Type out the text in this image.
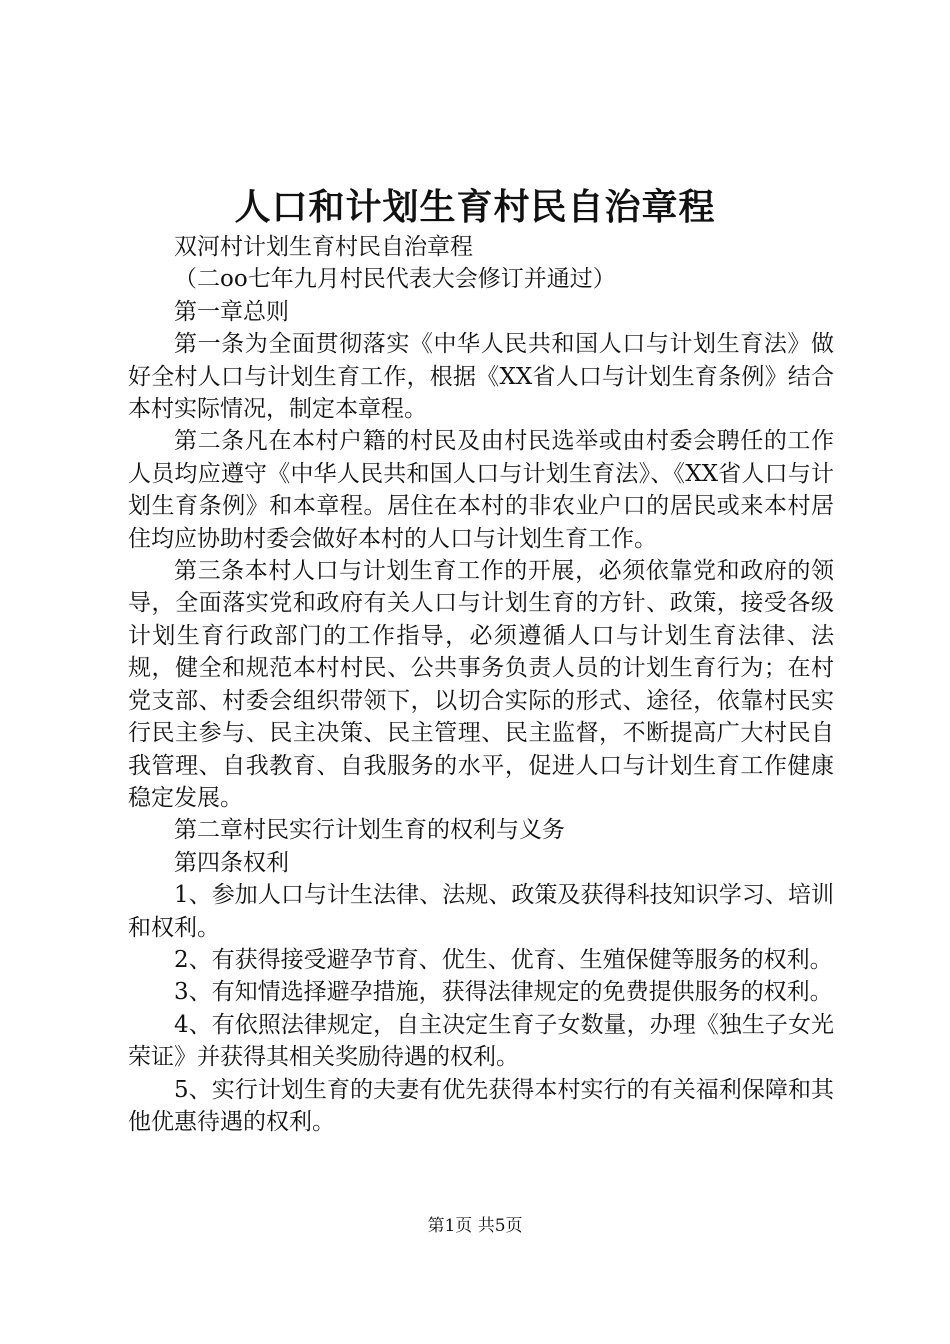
人口和计划生育村民自治章程

双河村计划生育村民自治章程

（二oo七年九月村民代表大会修订并通过）

第一章总则

第一条为全面贯彻落实《中华人民共和国人口与计划生育法》做好全村人口与计划生育工作，根据《XX省人口与计划生育条例》结合本村实际情况，制定本章程。

第二条凡在本村户籍的村民及由村民选举或由村委会聘任的工作人员均应遵守《中华人民共和国人口与计划生育法》、《XX省人口与计划生育条例》和本章程。居住在本村的非农业户口的居民或来本村居住均应协助村委会做好本村的人口与计划生育工作。

第三条本村人口与计划生育工作的开展，必须依靠党和政府的领导，全面落实党和政府有关人口与计划生育的方针、政策，接受各级计划生育行政部门的工作指导，必须遵循人口与计划生育法律、法规，健全和规范本村村民、公共事务负责人员的计划生育行为；在村党支部、村委会组织带领下，以切合实际的形式、途径，依靠村民实行民主参与、民主决策、民主管理、民主监督，不断提高广大村民自我管理、自我教育、自我服务的水平，促进人口与计划生育工作健康稳定发展。

第二章村民实行计划生育的权利与义务

第四条权利

1、参加人口与计生法律、法规、政策及获得科技知识学习、培训和权利。

2、有获得接受避孕节育、优生、优育、生殖保健等服务的权利。

3、有知情选择避孕措施，获得法律规定的免费提供服务的权利。

4、有依照法律规定，自主决定生育子女数量，办理《独生子女光荣证》并获得其相关奖励待遇的权利。

5、实行计划生育的夫妻有优先获得本村实行的有关福利保障和其他优惠待遇的权利。

第1页 共5页
